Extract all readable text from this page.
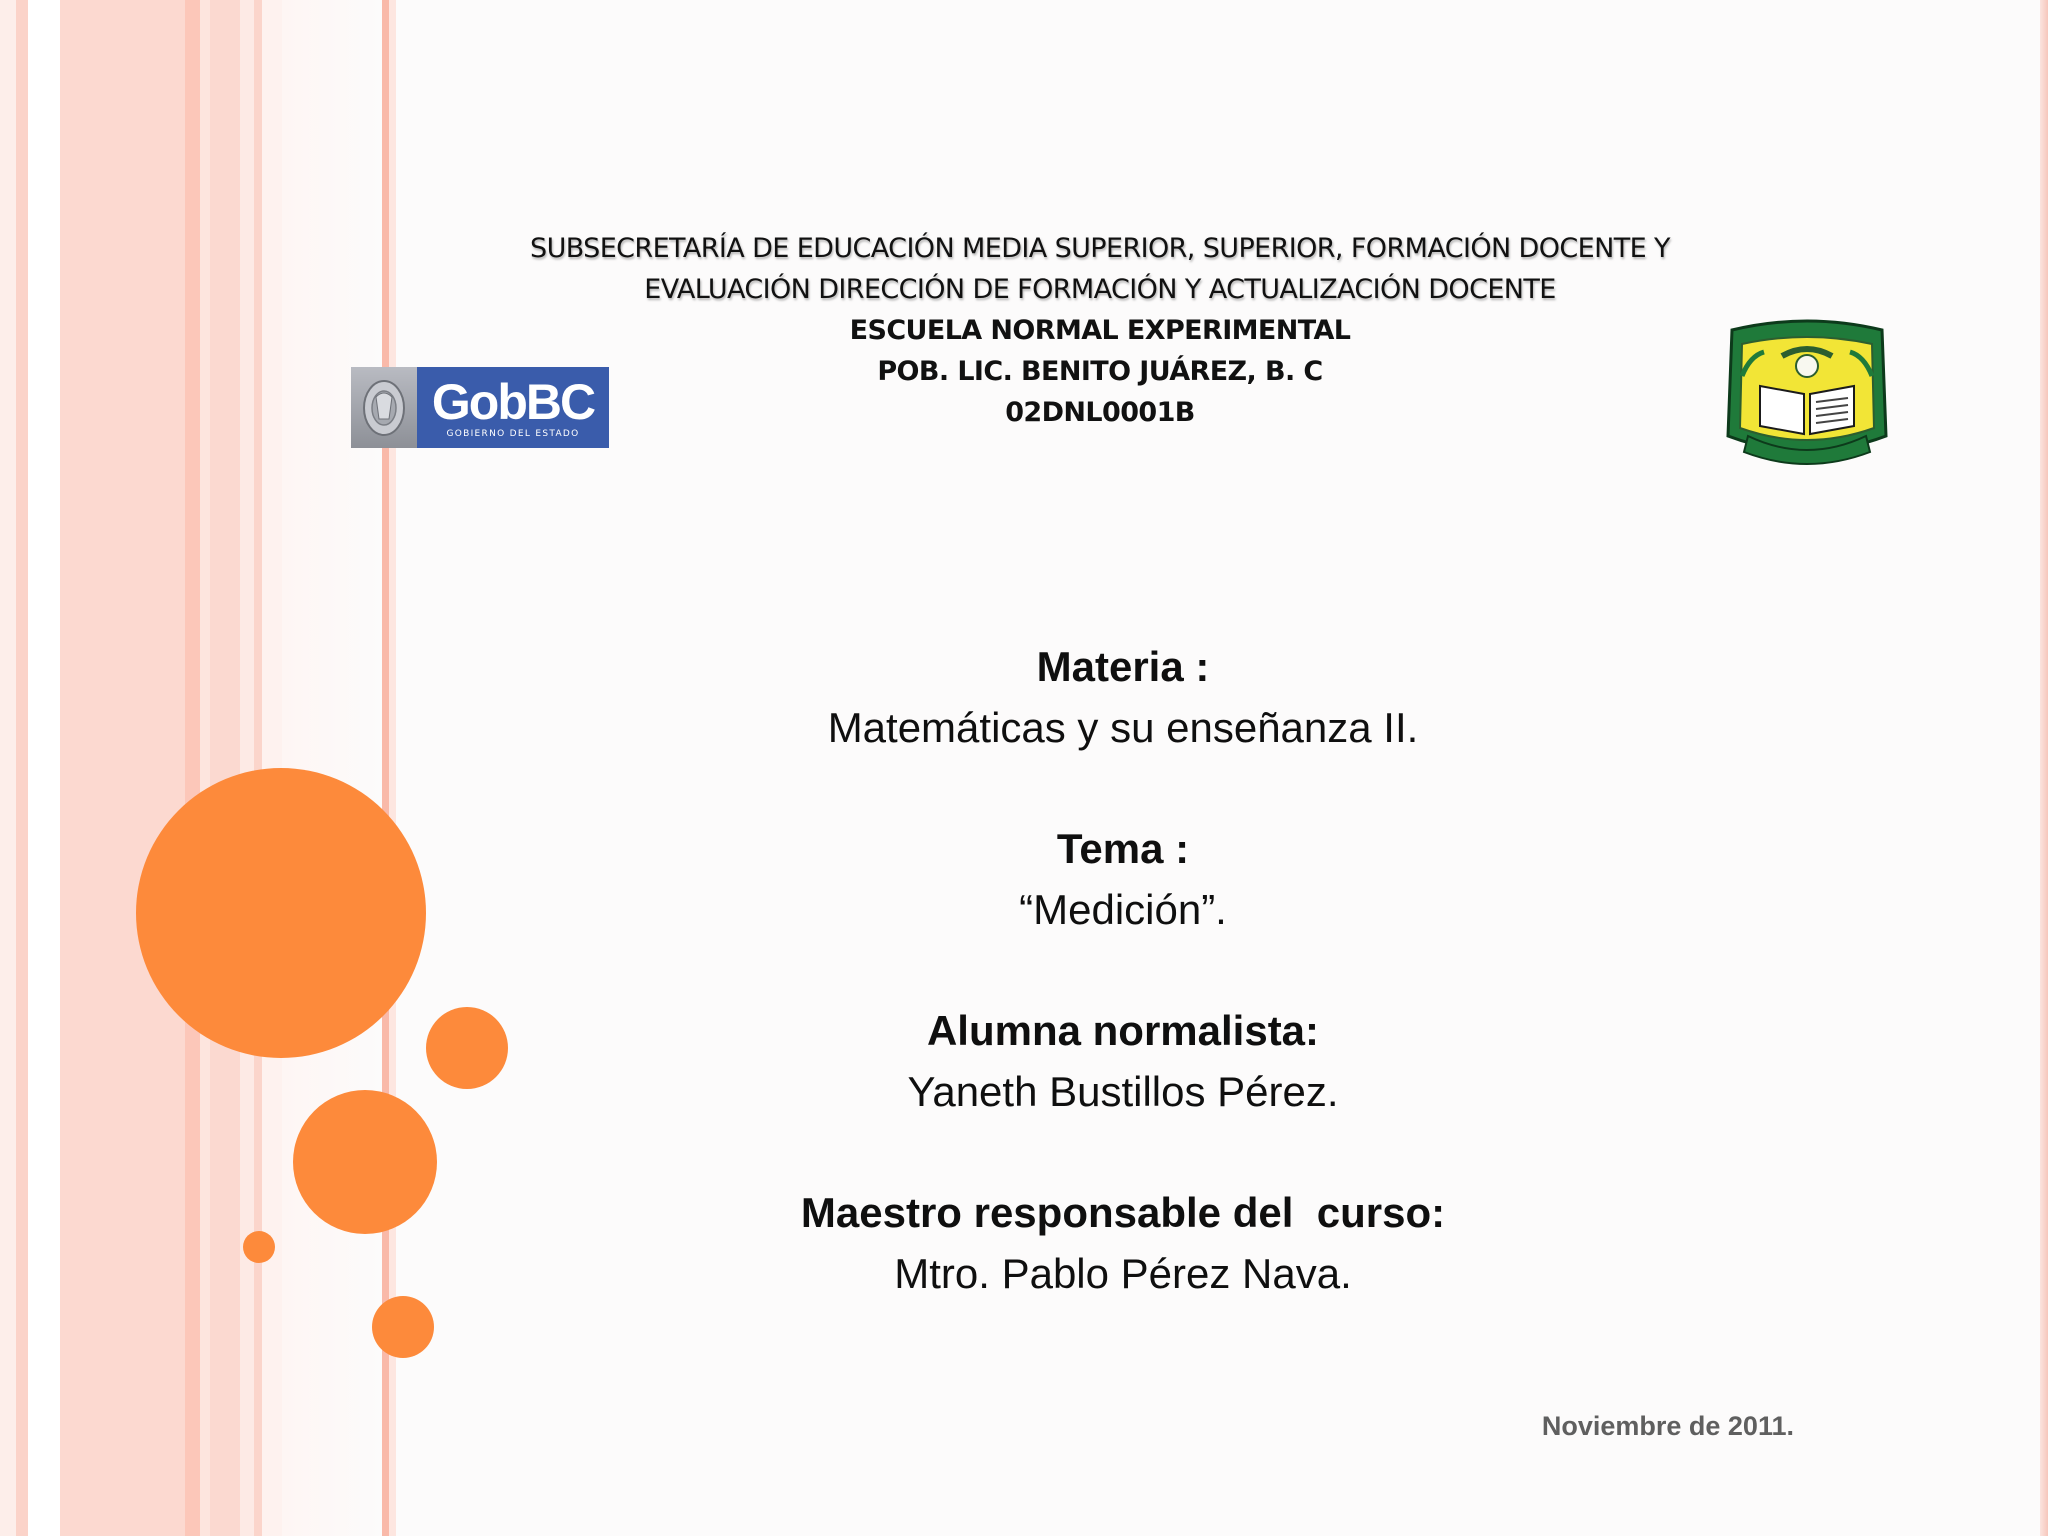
GobBC
GOBIERNO DEL ESTADO
SUBSECRETARÍA DE EDUCACIÓN MEDIA SUPERIOR, SUPERIOR, FORMACIÓN DOCENTE Y
EVALUACIÓN DIRECCIÓN DE FORMACIÓN Y ACTUALIZACIÓN DOCENTE
ESCUELA NORMAL EXPERIMENTAL
POB. LIC. BENITO JUÁREZ, B. C
02DNL0001B
Materia :
Matemáticas y su enseñanza II.
Tema :
“Medición”.
Alumna normalista:
Yaneth Bustillos Pérez.
Maestro responsable del  curso:
Mtro. Pablo Pérez Nava.
Noviembre de 2011.
